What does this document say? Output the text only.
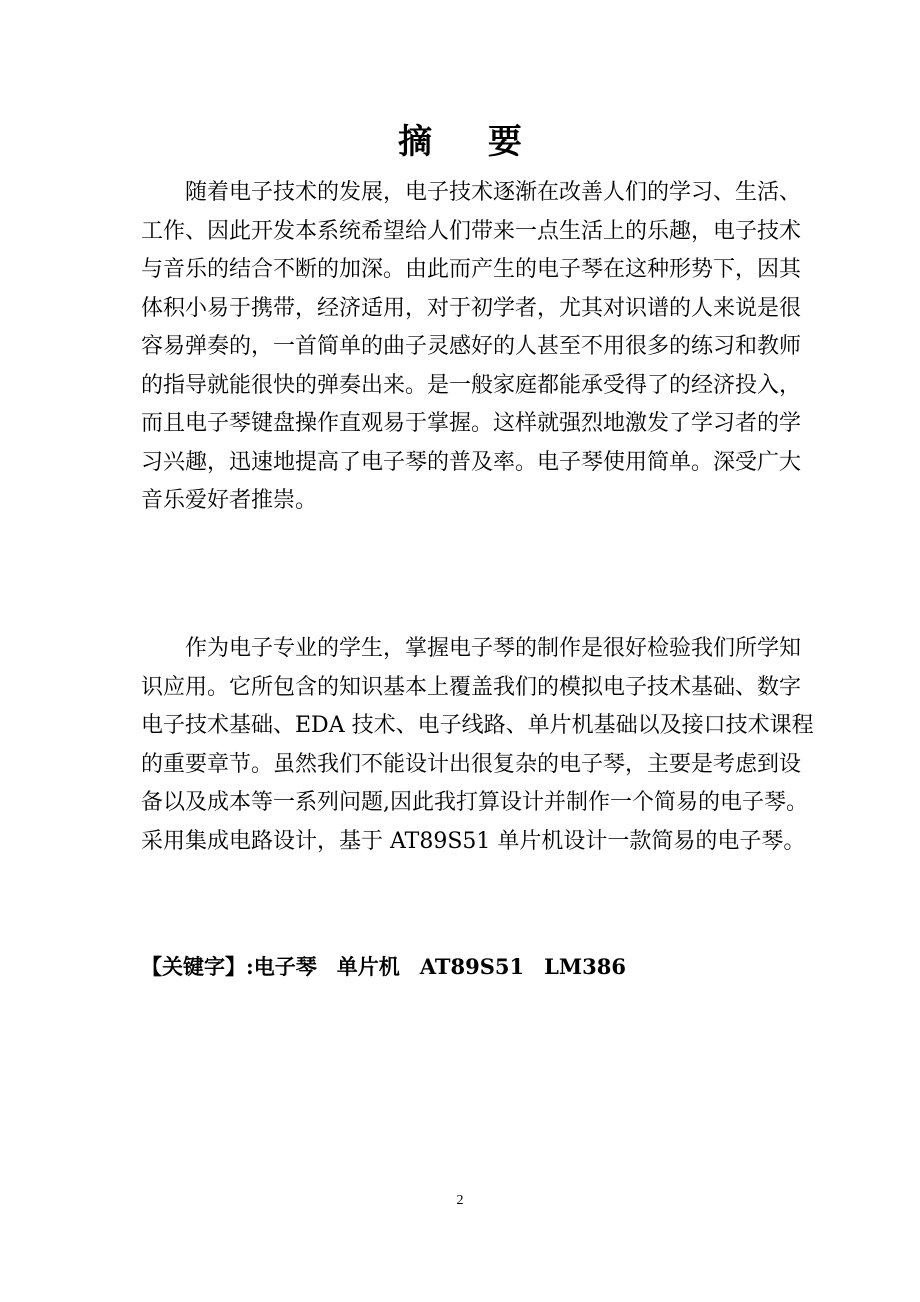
摘 要
随着电子技术的发展，电子技术逐渐在改善人们的学习、生活、
工作、因此开发本系统希望给人们带来一点生活上的乐趣，电子技术
与音乐的结合不断的加深。由此而产生的电子琴在这种形势下，因其
体积小易于携带，经济适用，对于初学者，尤其对识谱的人来说是很
容易弹奏的，一首简单的曲子灵感好的人甚至不用很多的练习和教师
的指导就能很快的弹奏出来。是一般家庭都能承受得了的经济投入，
而且电子琴键盘操作直观易于掌握。这样就强烈地激发了学习者的学
习兴趣，迅速地提高了电子琴的普及率。电子琴使用简单。深受广大
音乐爱好者推崇。
作为电子专业的学生，掌握电子琴的制作是很好检验我们所学知
识应用。它所包含的知识基本上覆盖我们的模拟电子技术基础、数字
电子技术基础、EDA 技术、电子线路、单片机基础以及接口技术课程
的重要章节。虽然我们不能设计出很复杂的电子琴，主要是考虑到设
备以及成本等一系列问题,因此我打算设计并制作一个简易的电子琴。
采用集成电路设计，基于 AT89S51 单片机设计一款简易的电子琴。
【关键字】:电子琴 单片机 AT89S51 LM386
2
